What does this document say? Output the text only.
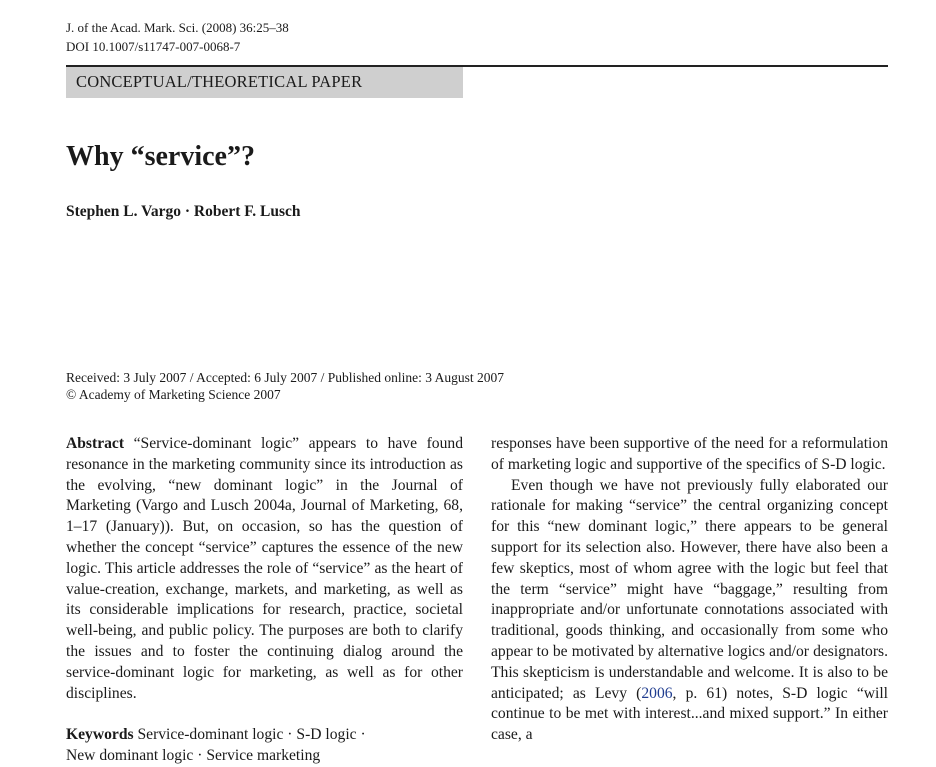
J. of the Acad. Mark. Sci. (2008) 36:25–38
DOI 10.1007/s11747-007-0068-7
CONCEPTUAL/THEORETICAL PAPER
Why “service”?
Stephen L. Vargo · Robert F. Lusch
Received: 3 July 2007 / Accepted: 6 July 2007 / Published online: 3 August 2007
© Academy of Marketing Science 2007

Abstract “Service-dominant logic” appears to have found resonance in the marketing community since its introduction as the evolving, “new dominant logic” in the Journal of Marketing (Vargo and Lusch 2004a, Journal of Marketing, 68, 1–17 (January)). But, on occasion, so has the question of whether the concept “service” captures the essence of the new logic. This article addresses the role of “service” as the heart of value-creation, exchange, markets, and marketing, as well as its considerable implications for research, practice, societal well-being, and public policy. The purposes are both to clarify the issues and to foster the continuing dialog around the service-dominant logic for marketing, as well as for other disciplines.

Keywords Service-dominant logic · S-D logic ·
New dominant logic · Service marketing

responses have been supportive of the need for a reformulation of marketing logic and supportive of the specifics of S-D logic.

Even though we have not previously fully elaborated our rationale for making “service” the central organizing concept for this “new dominant logic,” there appears to be general support for its selection also. However, there have also been a few skeptics, most of whom agree with the logic but feel that the term “service” might have “baggage,” resulting from inappropriate and/or unfortunate connotations associated with traditional, goods thinking, and occasionally from some who appear to be motivated by alternative logics and/or designators. This skepticism is understandable and welcome. It is also to be anticipated; as Levy (2006, p. 61) notes, S-D logic “will continue to be met with interest...and mixed support.” In either case, a
